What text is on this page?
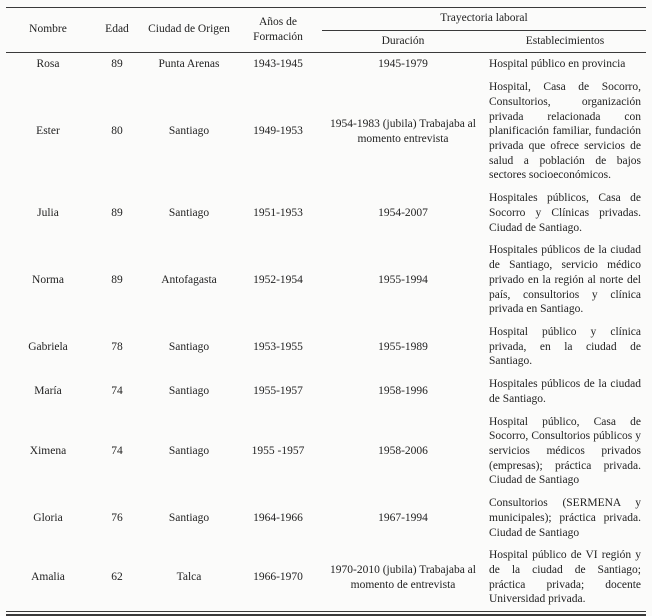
Nombre	Edad	Ciudad de Origen	Años de Formación	Trayectoria laboral	
				Duración	Establecimientos
Rosa	89	Punta Arenas	1943-1945	1945-1979	Hospital público en provincia
Ester	80	Santiago	1949-1953	1954-1983 (jubila) Trabajaba al momento entrevista	Hospital, Casa de Socorro, Consultorios, organización privada relacionada con planificación familiar, fundación privada que ofrece servicios de salud a población de bajos sectores socioeconómicos.
Julia	89	Santiago	1951-1953	1954-2007	Hospitales públicos, Casa de Socorro y Clínicas privadas. Ciudad de Santiago.
Norma	89	Antofagasta	1952-1954	1955-1994	Hospitales públicos de la ciudad de Santiago, servicio médico privado en la región al norte del país, consultorios y clínica privada en Santiago.
Gabriela	78	Santiago	1953-1955	1955-1989	Hospital público y clínica privada, en la ciudad de Santiago.
María	74	Santiago	1955-1957	1958-1996	Hospitales públicos de la ciudad de Santiago.
Ximena	74	Santiago	1955 -1957	1958-2006	Hospital público, Casa de Socorro, Consultorios públicos y servicios médicos privados (empresas); práctica privada. Ciudad de Santiago
Gloria	76	Santiago	1964-1966	1967-1994	Consultorios (SERMENA y municipales); práctica privada. Ciudad de Santiago
Amalia	62	Talca	1966-1970	1970-2010 (jubila) Trabajaba al momento de entrevista	Hospital público de VI región y de la ciudad de Santiago; práctica privada; docente Universidad privada.
